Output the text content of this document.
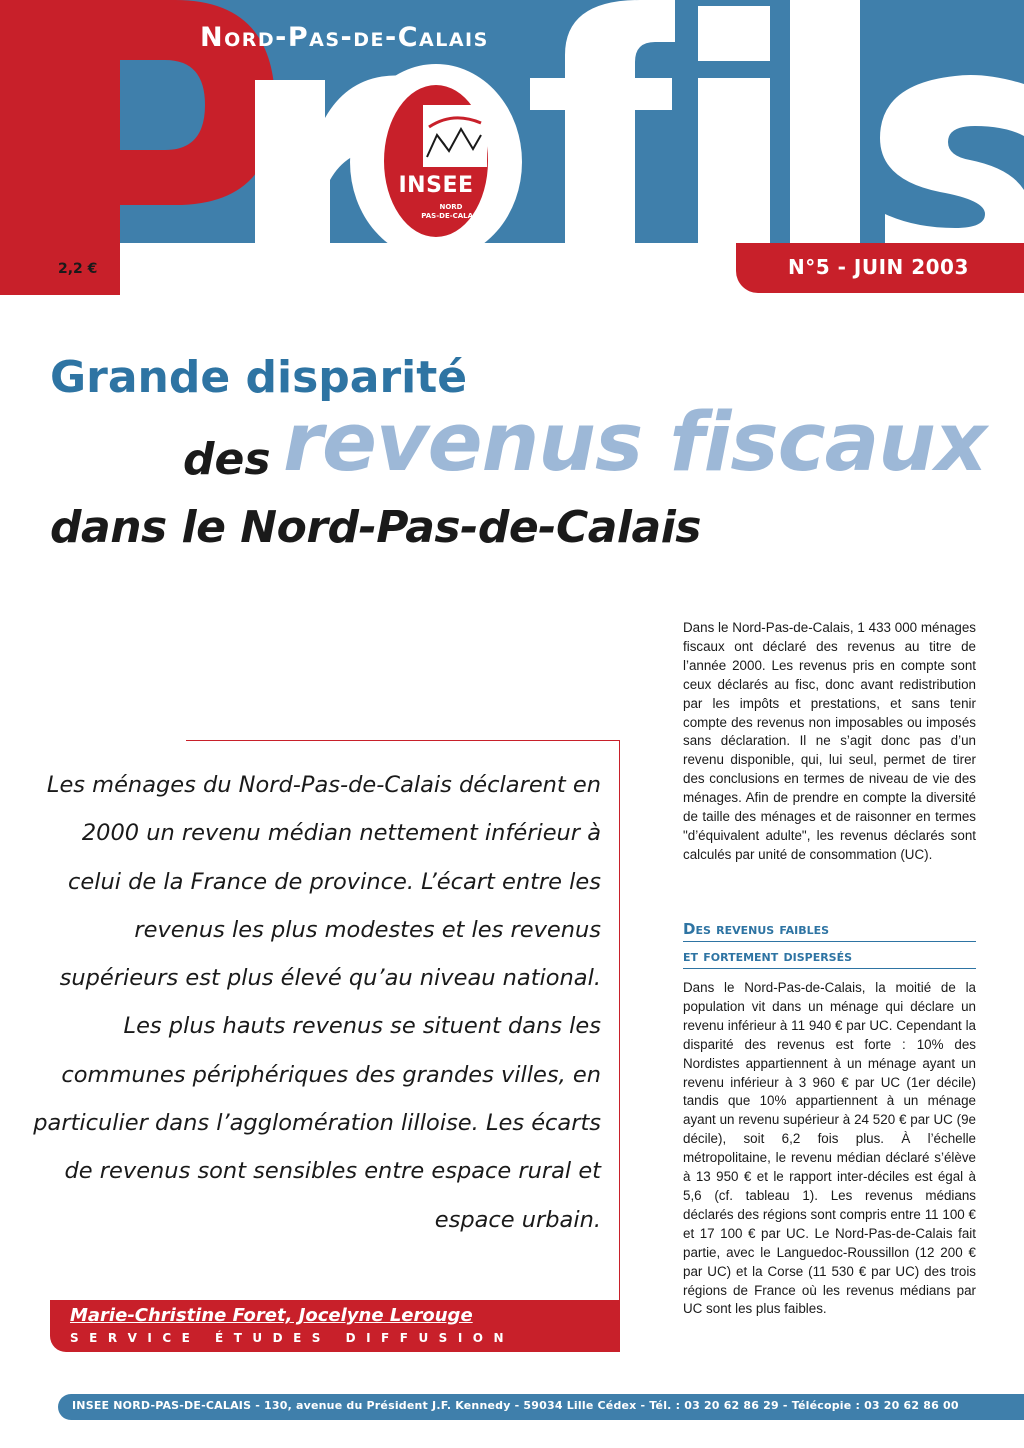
Nord-Pas-de-Calais
INSEE
NORD
PAS-DE-CALAIS
2,2 €	N°5 - JUIN 2003
Grande disparité
des revenus fiscaux
dans le Nord-Pas-de-Calais
Les ménages du Nord-Pas-de-Calais déclarent en 2000 un revenu médian nettement inférieur à celui de la France de province. L’écart entre les revenus les plus modestes et les revenus supérieurs est plus élevé qu’au niveau national. Les plus hauts revenus se situent dans les communes périphériques des grandes villes, en particulier dans l’agglomération lilloise. Les écarts de revenus sont sensibles entre espace rural et espace urbain.
Marie-Christine Foret, Jocelyne Lerouge
SERVICE ÉTUDES DIFFUSION
Dans le Nord-Pas-de-Calais, 1 433 000 ménages fiscaux ont déclaré des revenus au titre de l’année 2000. Les revenus pris en compte sont ceux déclarés au fisc, donc avant redistribution par les impôts et prestations, et sans tenir compte des revenus non imposables ou imposés sans déclaration. Il ne s’agit donc pas d’un revenu disponible, qui, lui seul, permet de tirer des conclusions en termes de niveau de vie des ménages. Afin de prendre en compte la diversité de taille des ménages et de raisonner en termes "d’équivalent adulte", les revenus déclarés sont calculés par unité de consommation (UC).
Des revenus faibles
et fortement dispersés
Dans le Nord-Pas-de-Calais, la moitié de la population vit dans un ménage qui déclare un revenu inférieur à 11 940 € par UC. Cependant la disparité des revenus est forte : 10% des Nordistes appartiennent à un ménage ayant un revenu inférieur à 3 960 € par UC (1er décile) tandis que 10% appartiennent à un ménage ayant un revenu supérieur à 24 520 € par UC (9e décile), soit 6,2 fois plus. À l’échelle métropolitaine, le revenu médian déclaré s’élève à 13 950 € et le rapport inter-déciles est égal à 5,6 (cf. tableau 1). Les revenus médians déclarés des régions sont compris entre 11 100 € et 17 100 € par UC. Le Nord-Pas-de-Calais fait partie, avec le Languedoc-Roussillon (12 200 € par UC) et la Corse (11 530 € par UC) des trois régions de France où les revenus médians par UC sont les plus faibles.
INSEE NORD-PAS-DE-CALAIS - 130, avenue du Président J.F. Kennedy - 59034 Lille Cédex - Tél. : 03 20 62 86 29 - Télécopie : 03 20 62 86 00
